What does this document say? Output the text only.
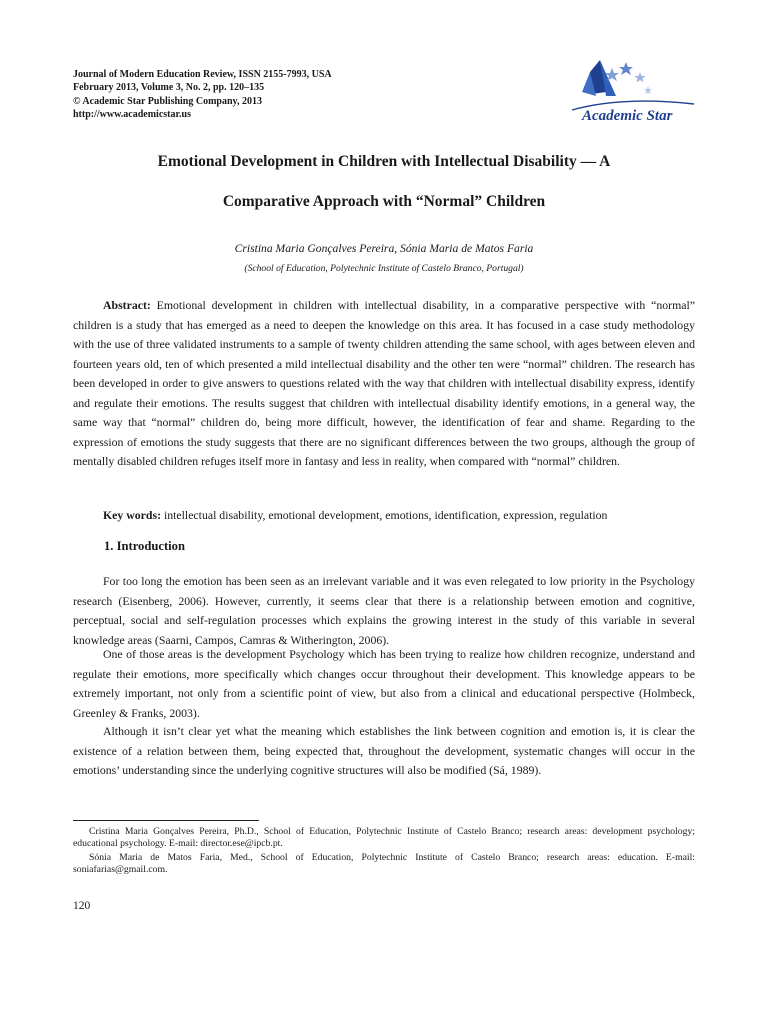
Journal of Modern Education Review, ISSN 2155-7993, USA
February 2013, Volume 3, No. 2, pp. 120–135
© Academic Star Publishing Company, 2013
http://www.academicstar.us	Academic Star
Emotional Development in Children with Intellectual Disability — A
Comparative Approach with “Normal” Children
Cristina Maria Gonçalves Pereira, Sónia Maria de Matos Faria
(School of Education, Polytechnic Institute of Castelo Branco, Portugal)

Abstract: Emotional development in children with intellectual disability, in a comparative perspective with “normal” children is a study that has emerged as a need to deepen the knowledge on this area. It has focused in a case study methodology with the use of three validated instruments to a sample of twenty children attending the same school, with ages between eleven and fourteen years old, ten of which presented a mild intellectual disability and the other ten were “normal” children. The research has been developed in order to give answers to questions related with the way that children with intellectual disability express, identify and regulate their emotions. The results suggest that children with intellectual disability identify emotions, in a general way, the same way that “normal” children do, being more difficult, however, the identification of fear and shame. Regarding to the expression of emotions the study suggests that there are no significant differences between the two groups, although the group of mentally disabled children refuges itself more in fantasy and less in reality, when compared with “normal” children.

Key words: intellectual disability, emotional development, emotions, identification, expression, regulation
1. Introduction

For too long the emotion has been seen as an irrelevant variable and it was even relegated to low priority in the Psychology research (Eisenberg, 2006). However, currently, it seems clear that there is a relationship between emotion and cognitive, perceptual, social and self-regulation processes which explains the growing interest in the study of this variable in several knowledge areas (Saarni, Campos, Camras & Witherington, 2006).

One of those areas is the development Psychology which has been trying to realize how children recognize, understand and regulate their emotions, more specifically which changes occur throughout their development. This knowledge appears to be extremely important, not only from a scientific point of view, but also from a clinical and educational perspective (Holmbeck, Greenley & Franks, 2003).

Although it isn’t clear yet what the meaning which establishes the link between cognition and emotion is, it is clear the existence of a relation between them, being expected that, throughout the development, systematic changes will occur in the emotions’ understanding since the underlying cognitive structures will also be modified (Sá, 1989).

Cristina Maria Gonçalves Pereira, Ph.D., School of Education, Polytechnic Institute of Castelo Branco; research areas: development psychology; educational psychology. E-mail: director.ese@ipcb.pt.

Sónia Maria de Matos Faria, Med., School of Education, Polytechnic Institute of Castelo Branco; research areas: education. E-mail: soniafarias@gmail.com.

120
